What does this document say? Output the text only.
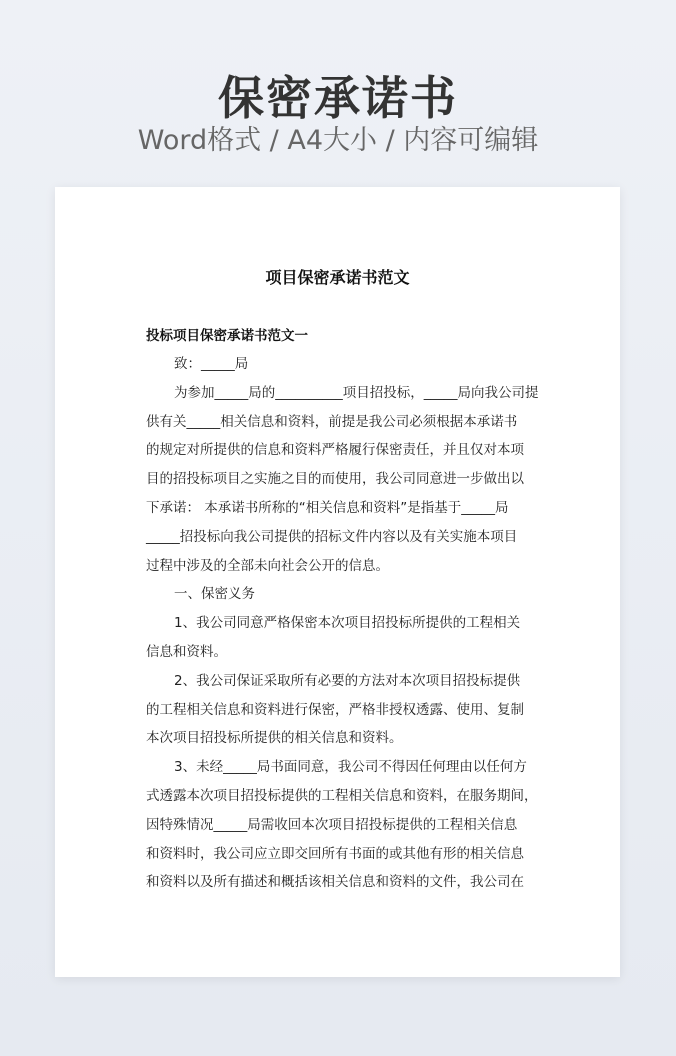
保密承诺书
Word格式 / A4大小 / 内容可编辑
项目保密承诺书范文
投标项目保密承诺书范文一
致：_____局
为参加_____局的__________项目招投标，_____局向我公司提
供有关_____相关信息和资料，前提是我公司必须根据本承诺书
的规定对所提供的信息和资料严格履行保密责任，并且仅对本项
目的招投标项目之实施之目的而使用，我公司同意进一步做出以
下承诺： 本承诺书所称的“相关信息和资料”是指基于_____局
_____招投标向我公司提供的招标文件内容以及有关实施本项目
过程中涉及的全部未向社会公开的信息。
一、保密义务
1、我公司同意严格保密本次项目招投标所提供的工程相关
信息和资料。
2、我公司保证采取所有必要的方法对本次项目招投标提供
的工程相关信息和资料进行保密，严格非授权透露、使用、复制
本次项目招投标所提供的相关信息和资料。
3、未经_____局书面同意，我公司不得因任何理由以任何方
式透露本次项目招投标提供的工程相关信息和资料，在服务期间，
因特殊情况_____局需收回本次项目招投标提供的工程相关信息
和资料时，我公司应立即交回所有书面的或其他有形的相关信息
和资料以及所有描述和概括该相关信息和资料的文件，我公司在
